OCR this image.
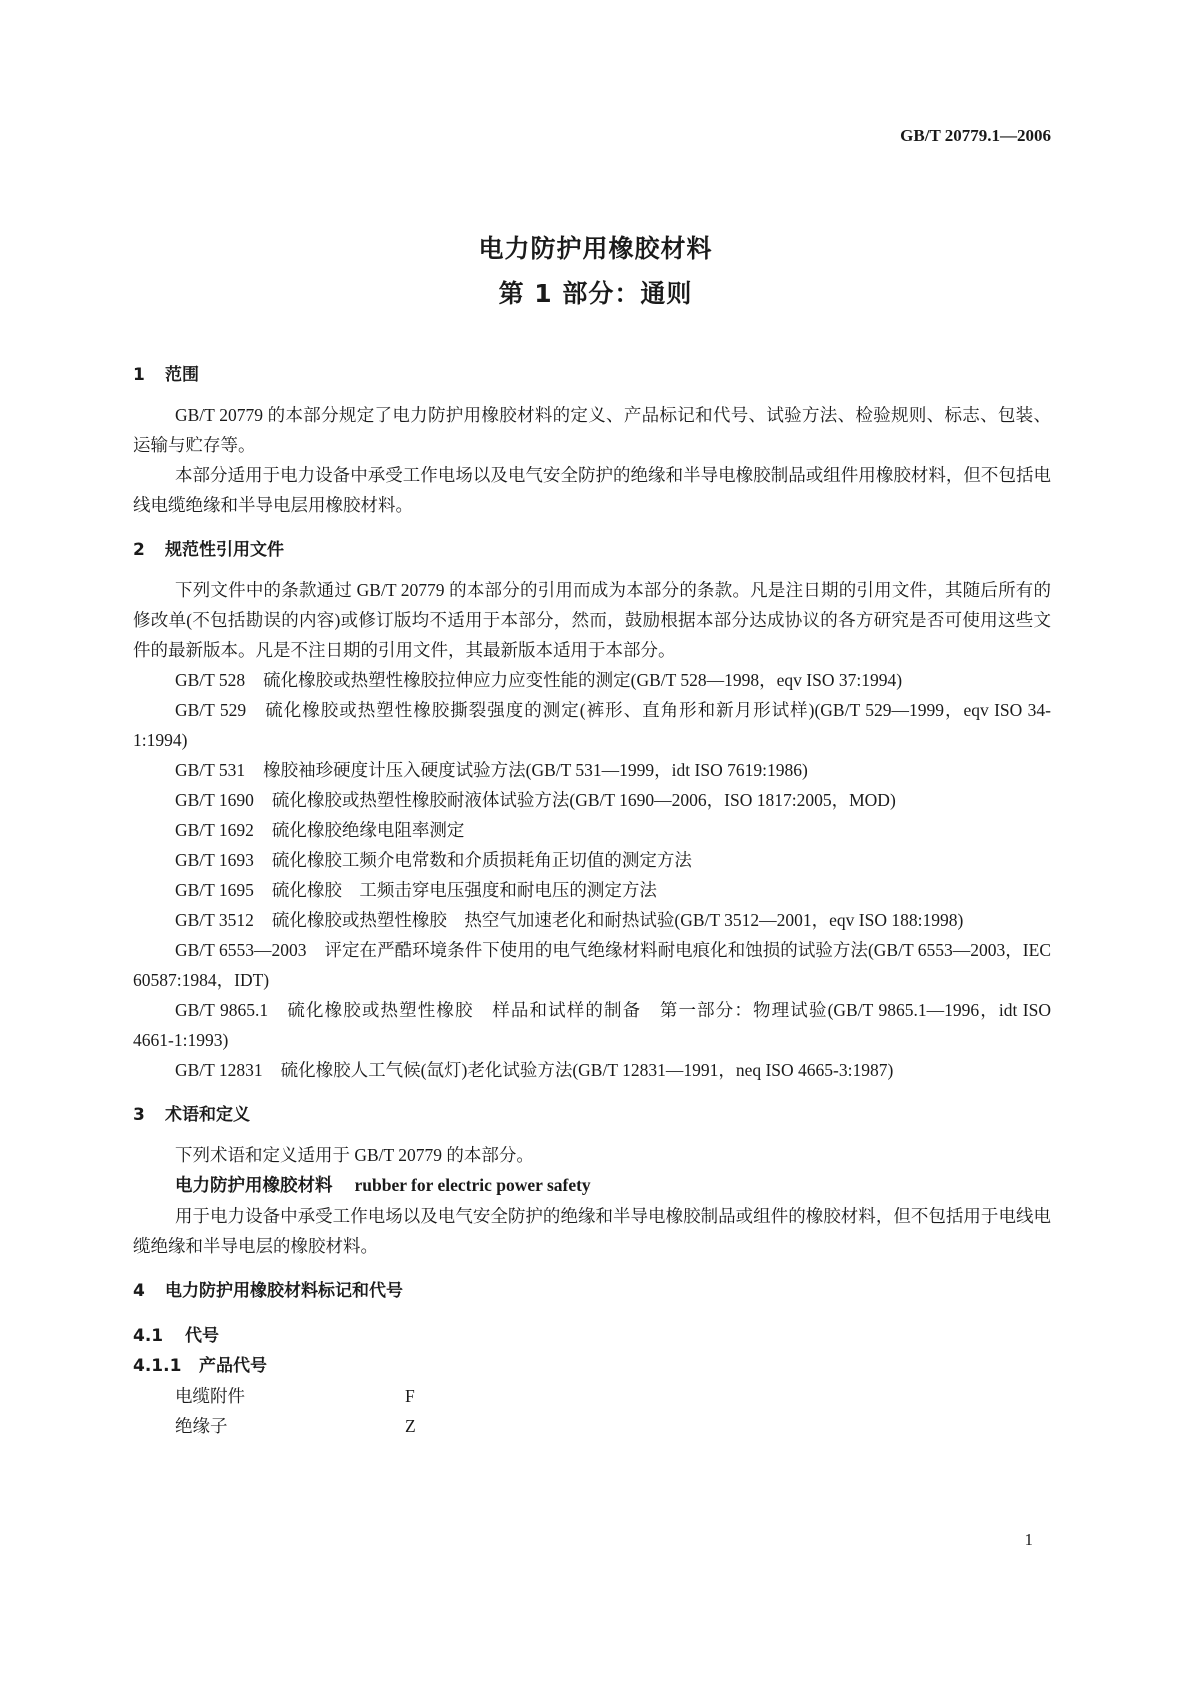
GB/T 20779.1—2006
电力防护用橡胶材料
第 1 部分：通则
1	范围

GB/T 20779 的本部分规定了电力防护用橡胶材料的定义、产品标记和代号、试验方法、检验规则、标志、包装、运输与贮存等。

本部分适用于电力设备中承受工作电场以及电气安全防护的绝缘和半导电橡胶制品或组件用橡胶材料，但不包括电线电缆绝缘和半导电层用橡胶材料。

2	规范性引用文件

下列文件中的条款通过 GB/T 20779 的本部分的引用而成为本部分的条款。凡是注日期的引用文件，其随后所有的修改单(不包括勘误的内容)或修订版均不适用于本部分，然而，鼓励根据本部分达成协议的各方研究是否可使用这些文件的最新版本。凡是不注日期的引用文件，其最新版本适用于本部分。

GB/T 528 硫化橡胶或热塑性橡胶拉伸应力应变性能的测定(GB/T 528—1998，eqv ISO 37:1994)

GB/T 529 硫化橡胶或热塑性橡胶撕裂强度的测定(裤形、直角形和新月形试样)(GB/T 529—1999，eqv ISO 34-1:1994)

GB/T 531 橡胶袖珍硬度计压入硬度试验方法(GB/T 531—1999，idt ISO 7619:1986)

GB/T 1690 硫化橡胶或热塑性橡胶耐液体试验方法(GB/T 1690—2006，ISO 1817:2005，MOD)

GB/T 1692 硫化橡胶绝缘电阻率测定

GB/T 1693 硫化橡胶工频介电常数和介质损耗角正切值的测定方法

GB/T 1695 硫化橡胶　工频击穿电压强度和耐电压的测定方法

GB/T 3512 硫化橡胶或热塑性橡胶　热空气加速老化和耐热试验(GB/T 3512—2001，eqv ISO 188:1998)

GB/T 6553—2003 评定在严酷环境条件下使用的电气绝缘材料耐电痕化和蚀损的试验方法(GB/T 6553—2003，IEC 60587:1984，IDT)

GB/T 9865.1 硫化橡胶或热塑性橡胶　样品和试样的制备　第一部分：物理试验(GB/T 9865.1—1996，idt ISO 4661-1:1993)

GB/T 12831 硫化橡胶人工气候(氙灯)老化试验方法(GB/T 12831—1991，neq ISO 4665-3:1987)

3	术语和定义

下列术语和定义适用于 GB/T 20779 的本部分。

电力防护用橡胶材料 rubber for electric power safety

用于电力设备中承受工作电场以及电气安全防护的绝缘和半导电橡胶制品或组件的橡胶材料，但不包括用于电线电缆绝缘和半导电层的橡胶材料。

4	电力防护用橡胶材料标记和代号
4.1	代号
4.1.1	产品代号
电缆附件	F
绝缘子	Z
1
